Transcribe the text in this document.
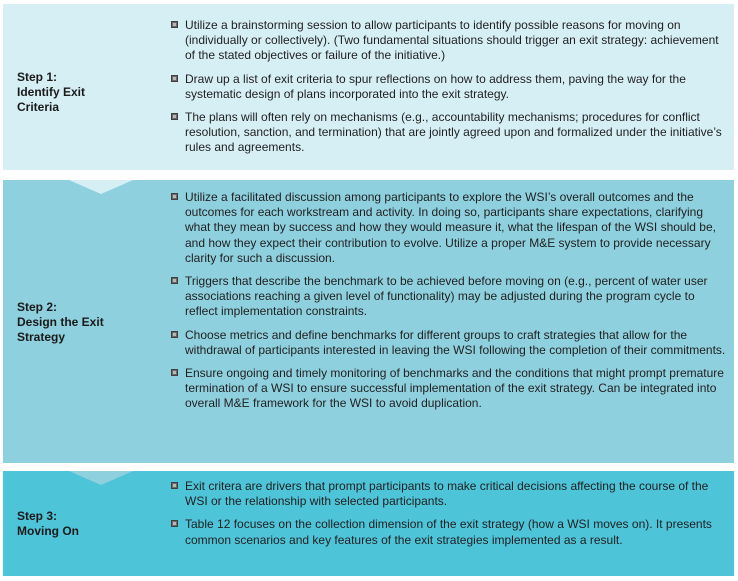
Step 1:
Identify Exit
Criteria
Utilize a brainstorming session to allow participants to identify possible reasons for moving on (individually or collectively). (Two fundamental situations should trigger an exit strategy: achievement of the stated objectives or failure of the initiative.)
Draw up a list of exit criteria to spur reflections on how to address them, paving the way for the systematic design of plans incorporated into the exit strategy.
The plans will often rely on mechanisms (e.g., accountability mechanisms; procedures for conflict resolution, sanction, and termination) that are jointly agreed upon and formalized under the initiative’s rules and agreements.
Step 2:
Design the Exit
Strategy
Utilize a facilitated discussion among participants to explore the WSI’s overall outcomes and the outcomes for each workstream and activity. In doing so, participants share expectations, clarifying what they mean by success and how they would measure it, what the lifespan of the WSI should be, and how they expect their contribution to evolve. Utilize a proper M&E system to provide necessary clarity for such a discussion.
Triggers that describe the benchmark to be achieved before moving on (e.g., percent of water user associations reaching a given level of functionality) may be adjusted during the program cycle to reflect implementation constraints.
Choose metrics and define benchmarks for different groups to craft strategies that allow for the withdrawal of participants interested in leaving the WSI following the completion of their commitments.
Ensure ongoing and timely monitoring of benchmarks and the conditions that might prompt premature termination of a WSI to ensure successful implementation of the exit strategy. Can be integrated into overall M&E framework for the WSI to avoid duplication.
Step 3:
Moving On
Exit critera are drivers that prompt participants to make critical decisions affecting the course of the WSI or the relationship with selected participants.
Table 12 focuses on the collection dimension of the exit strategy (how a WSI moves on). It presents common scenarios and key features of the exit strategies implemented as a result.
